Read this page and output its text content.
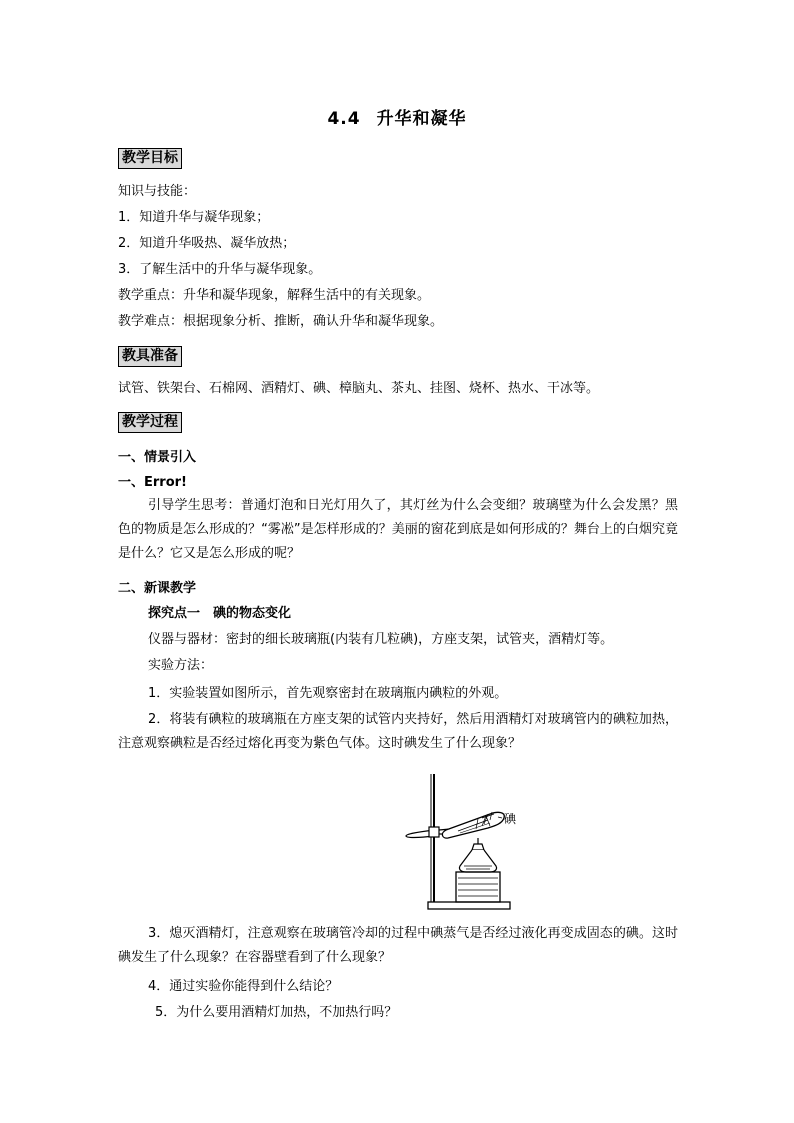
4.4 升华和凝华
教学目标
知识与技能：
1．知道升华与凝华现象；
2．知道升华吸热、凝华放热；
3．了解生活中的升华与凝华现象。
教学重点：升华和凝华现象，解释生活中的有关现象。
教学难点：根据现象分析、推断，确认升华和凝华现象。
教具准备
试管、铁架台、石棉网、酒精灯、碘、樟脑丸、茶丸、挂图、烧杯、热水、干冰等。
教学过程
一、情景引入
一、Error!
引导学生思考：普通灯泡和日光灯用久了，其灯丝为什么会变细？玻璃壁为什么会发黑？黑色的物质是怎么形成的？“雾凇”是怎样形成的？美丽的窗花到底是如何形成的？舞台上的白烟究竟是什么？它又是怎么形成的呢？
二、新课教学
探究点一　碘的物态变化
仪器与器材：密封的细长玻璃瓶(内装有几粒碘)，方座支架，试管夹，酒精灯等。
实验方法：
1．实验装置如图所示，首先观察密封在玻璃瓶内碘粒的外观。
2．将装有碘粒的玻璃瓶在方座支架的试管内夹持好，然后用酒精灯对玻璃管内的碘粒加热，注意观察碘粒是否经过熔化再变为紫色气体。这时碘发生了什么现象？
碘
3．熄灭酒精灯，注意观察在玻璃管冷却的过程中碘蒸气是否经过液化再变成固态的碘。这时碘发生了什么现象？在容器壁看到了什么现象？
4．通过实验你能得到什么结论？
5．为什么要用酒精灯加热，不加热行吗？
